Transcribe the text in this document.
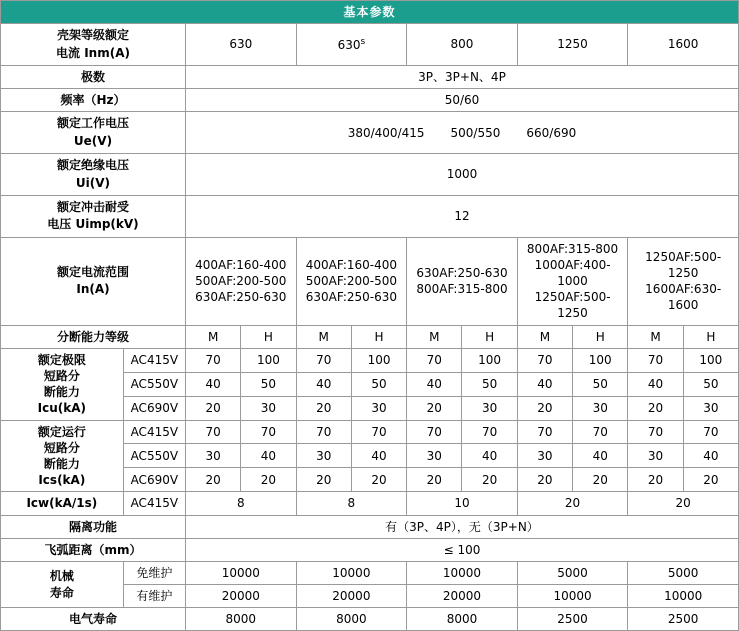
基本参数											
壳架等级额定
电流 Inm(A)		630		630$^s$		800		1250		1600	
极数		3P、3P+N、4P									
频率（Hz）		50/60									
额定工作电压
Ue(V)		380/400/415 500/550 660/690									
额定绝缘电压
Ui(V)		1000									
额定冲击耐受
电压 Uimp(kV)		12									
额定电流范围
In(A)		400AF:160-400
500AF:200-500
630AF:250-630		400AF:160-400
500AF:200-500
630AF:250-630		630AF:250-630
800AF:315-800		800AF:315-800
1000AF:400-1000
1250AF:500-1250		1250AF:500-1250
1600AF:630-1600	
分断能力等级		M	H	M	H	M	H	M	H	M	H
额定极限
短路分
断能力
Icu(kA)	AC415V	70	100	70	100	70	100	70	100	70	100
	AC550V	40	50	40	50	40	50	40	50	40	50
	AC690V	20	30	20	30	20	30	20	30	20	30
额定运行
短路分
断能力
Ics(kA)	AC415V	70	70	70	70	70	70	70	70	70	70
	AC550V	30	40	30	40	30	40	30	40	30	40
	AC690V	20	20	20	20	20	20	20	20	20	20
Icw(kA/1s)	AC415V	8		8		10		20		20	
隔离功能		有（3P、4P），无（3P+N）									
飞弧距离（mm）		≤ 100									
机械
寿命	免维护	10000		10000		10000		5000		5000	
	有维护	20000		20000		20000		10000		10000	
电气寿命		8000		8000		8000		2500		2500	
